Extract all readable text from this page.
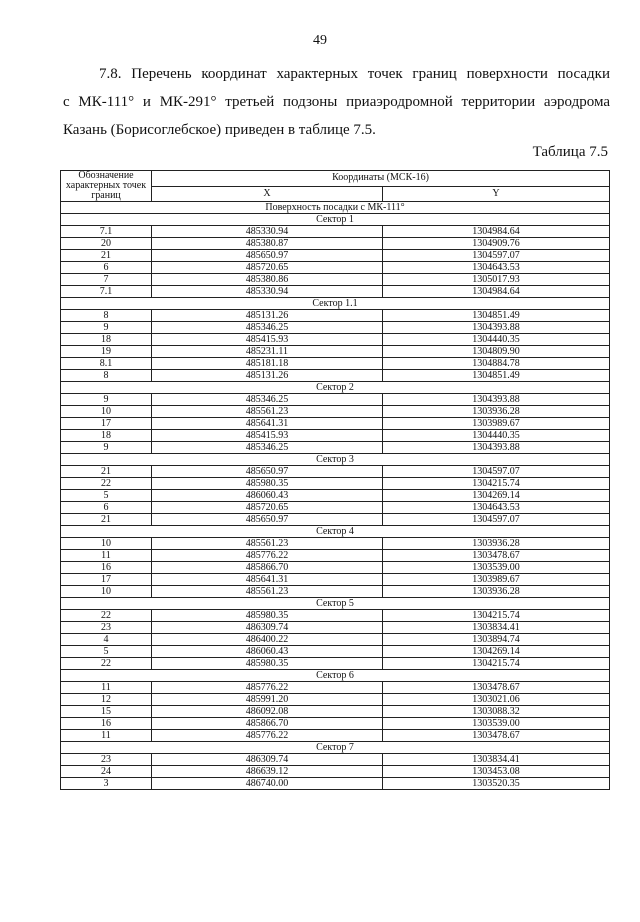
49
7.8. Перечень координат характерных точек границ поверхности посадки
с МК-111° и МК-291° третьей подзоны приаэродромной территории аэродрома
Казань (Борисоглебское) приведен в таблице 7.5.
Таблица 7.5
Обозначение характерных точек границ	Координаты (МСК-16)	
	X	Y
Поверхность посадки с МК-111°		
Сектор 1		
7.1	485330.94	1304984.64
20	485380.87	1304909.76
21	485650.97	1304597.07
6	485720.65	1304643.53
7	485380.86	1305017.93
7.1	485330.94	1304984.64
Сектор 1.1		
8	485131.26	1304851.49
9	485346.25	1304393.88
18	485415.93	1304440.35
19	485231.11	1304809.90
8.1	485181.18	1304884.78
8	485131.26	1304851.49
Сектор 2		
9	485346.25	1304393.88
10	485561.23	1303936.28
17	485641.31	1303989.67
18	485415.93	1304440.35
9	485346.25	1304393.88
Сектор 3		
21	485650.97	1304597.07
22	485980.35	1304215.74
5	486060.43	1304269.14
6	485720.65	1304643.53
21	485650.97	1304597.07
Сектор 4		
10	485561.23	1303936.28
11	485776.22	1303478.67
16	485866.70	1303539.00
17	485641.31	1303989.67
10	485561.23	1303936.28
Сектор 5		
22	485980.35	1304215.74
23	486309.74	1303834.41
4	486400.22	1303894.74
5	486060.43	1304269.14
22	485980.35	1304215.74
Сектор 6		
11	485776.22	1303478.67
12	485991.20	1303021.06
15	486092.08	1303088.32
16	485866.70	1303539.00
11	485776.22	1303478.67
Сектор 7		
23	486309.74	1303834.41
24	486639.12	1303453.08
3	486740.00	1303520.35
